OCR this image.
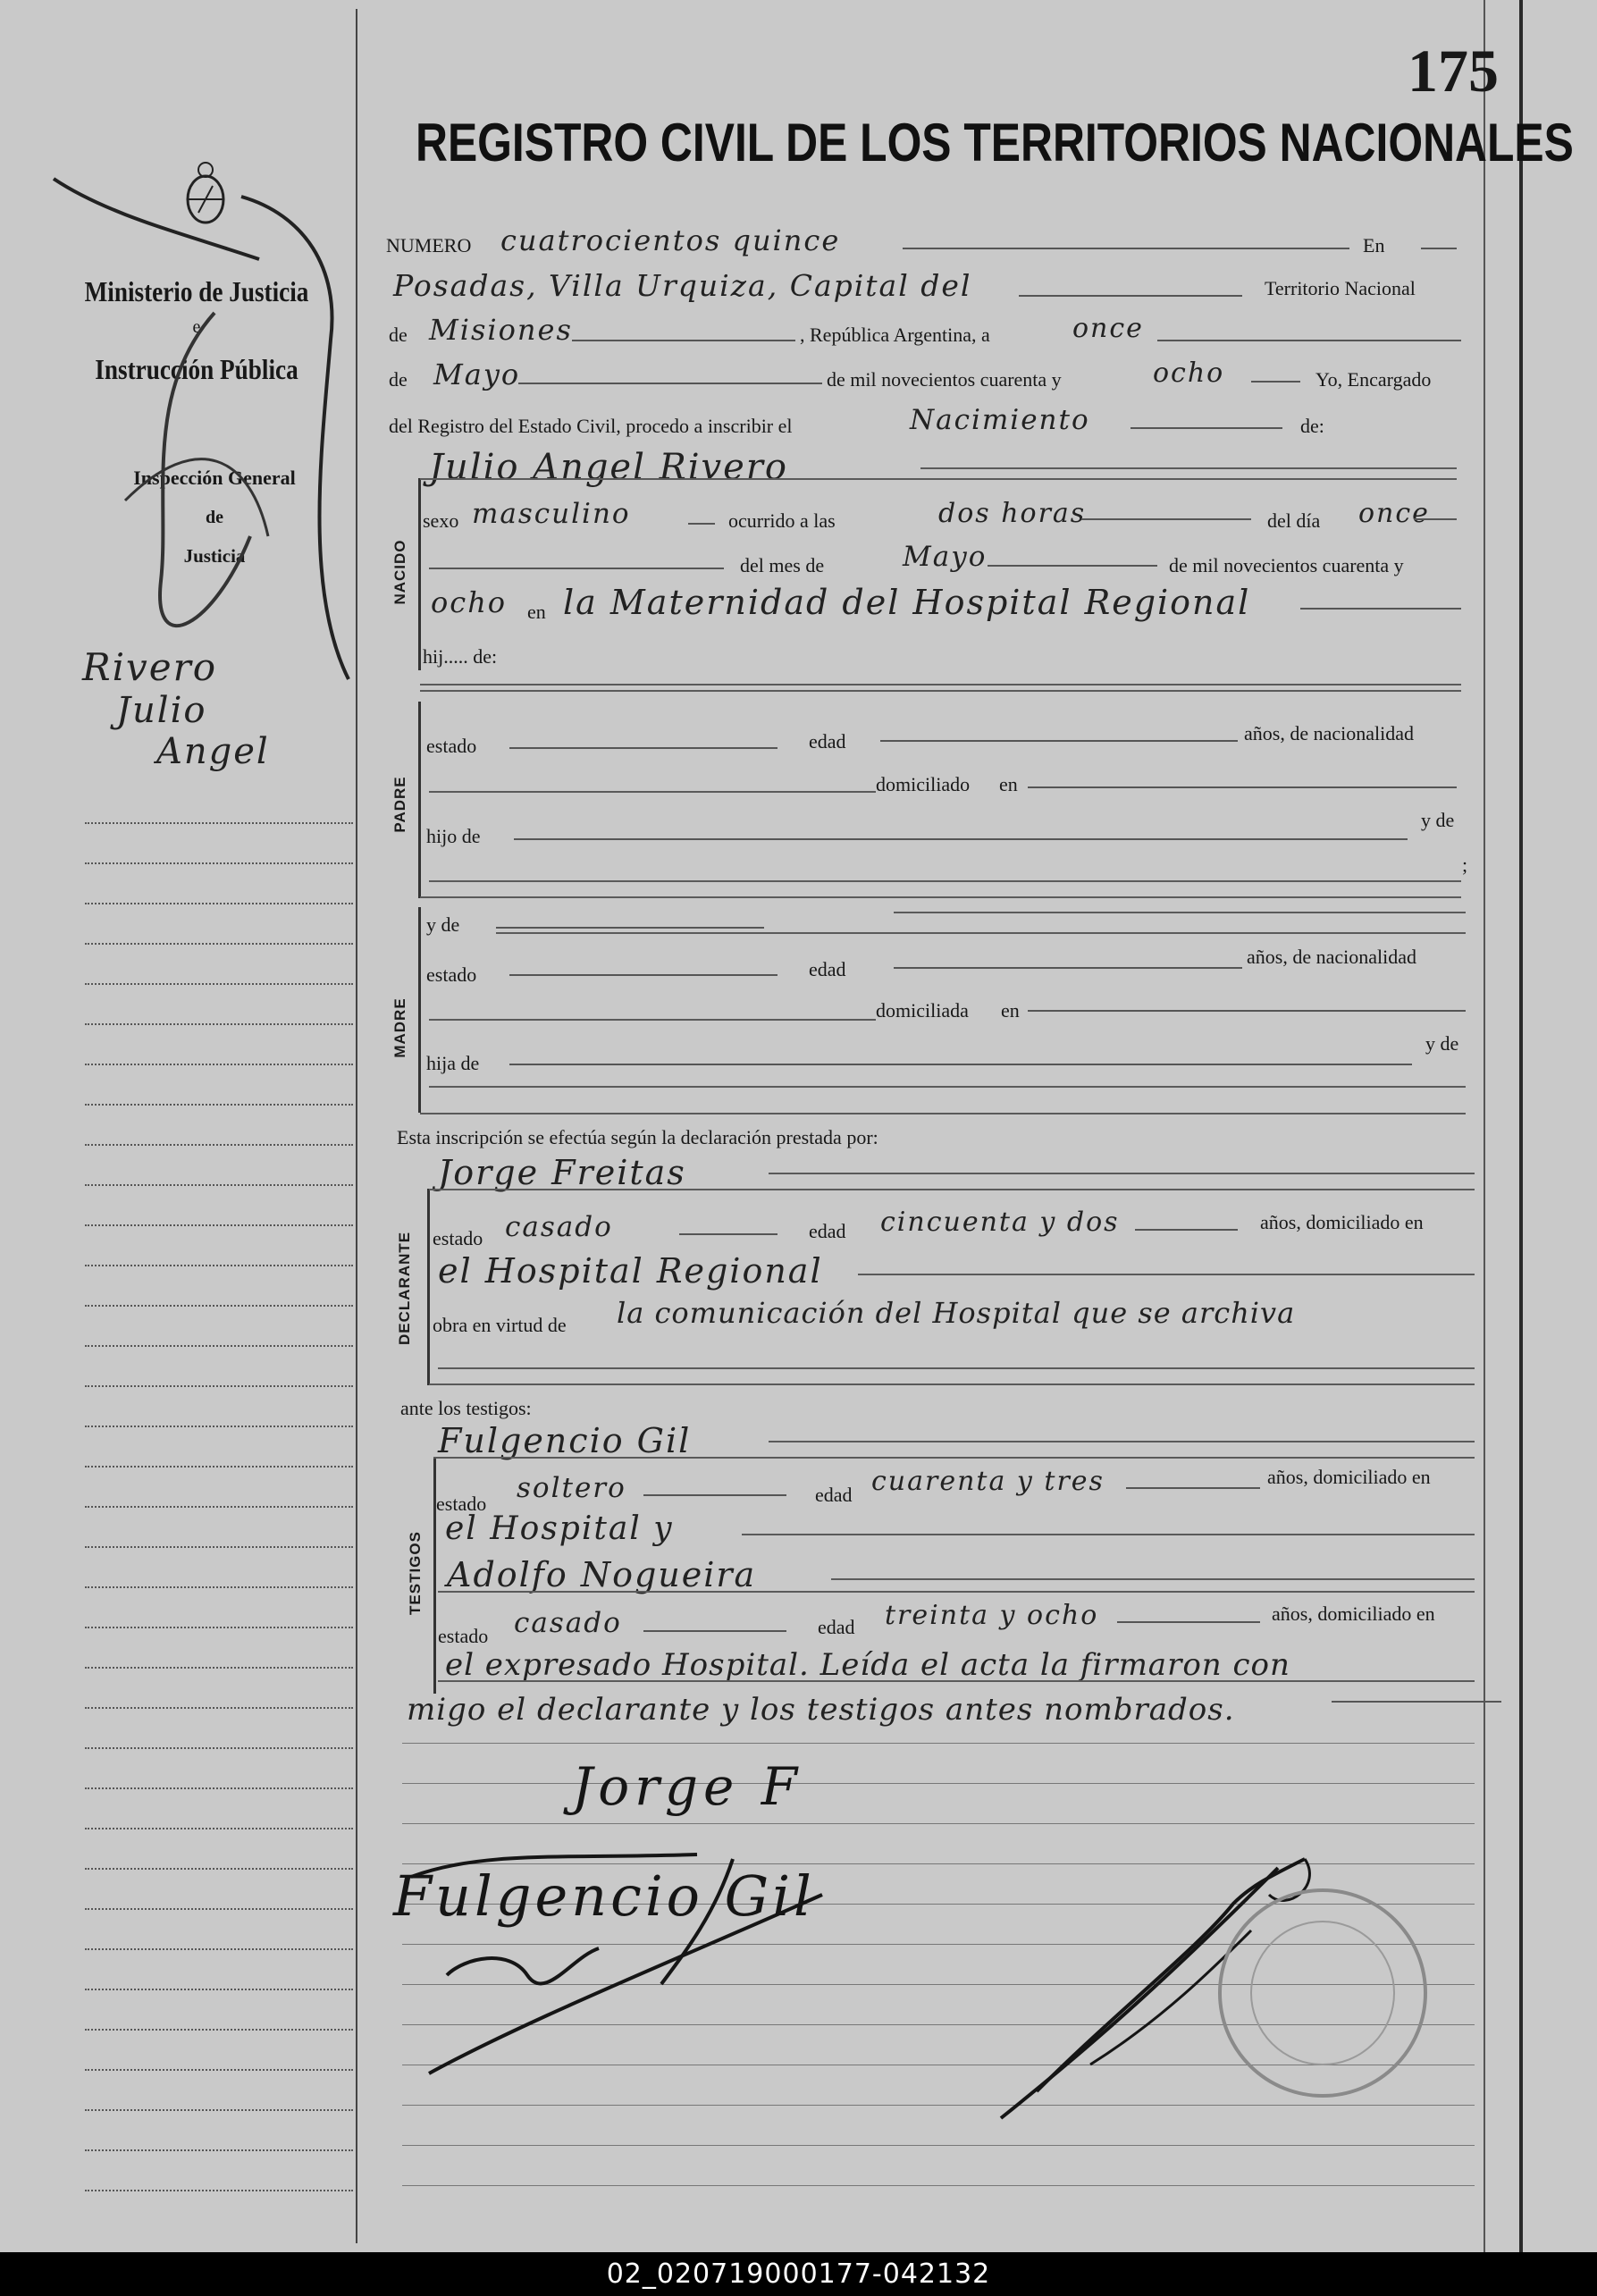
175
REGISTRO CIVIL DE LOS TERRITORIOS NACIONALES
Ministerio de Justicia
e
Instrucción Pública
Inspección General
de
Justicia
Rivero
Julio
Angel
NUMERO cuatrocientos quince	En
Posadas, Villa Urquiza, Capital del	Territorio Nacional
de Misiones	, República Argentina, a	once
de Mayo	de mil novecientos cuarenta y	ocho	Yo, Encargado
del Registro del Estado Civil, procedo a inscribir el	Nacimiento	de:
NACIDO
Julio Angel Rivero
sexo masculino	ocurrido a las	dos horas	del día once
del mes de	Mayo	de mil novecientos cuarenta y
ocho en la Maternidad del Hospital Regional
hij..... de:
PADRE
estado	edad	años, de nacionalidad
domiciliado en
hijo de
y de
;
MADRE
y de
estado	edad
años, de nacionalidad
domiciliada en
hija de
y de
Esta inscripción se efectúa según la declaración prestada por:
DECLARANTE
Jorge Freitas
estado casado	edad cincuenta y dos	años, domiciliado en
el Hospital Regional
obra en virtud de la comunicación del Hospital que se archiva
ante los testigos:
TESTIGOS
Fulgencio Gil
estado soltero	edad cuarenta y tres	años, domiciliado en
el Hospital y
Adolfo Nogueira
estado casado	edad treinta y ocho	años, domiciliado en
el expresado Hospital. Leída el acta la firmaron con
migo el declarante y los testigos antes nombrados.
Jorge F
Fulgencio Gil
02_020719000177-042132
